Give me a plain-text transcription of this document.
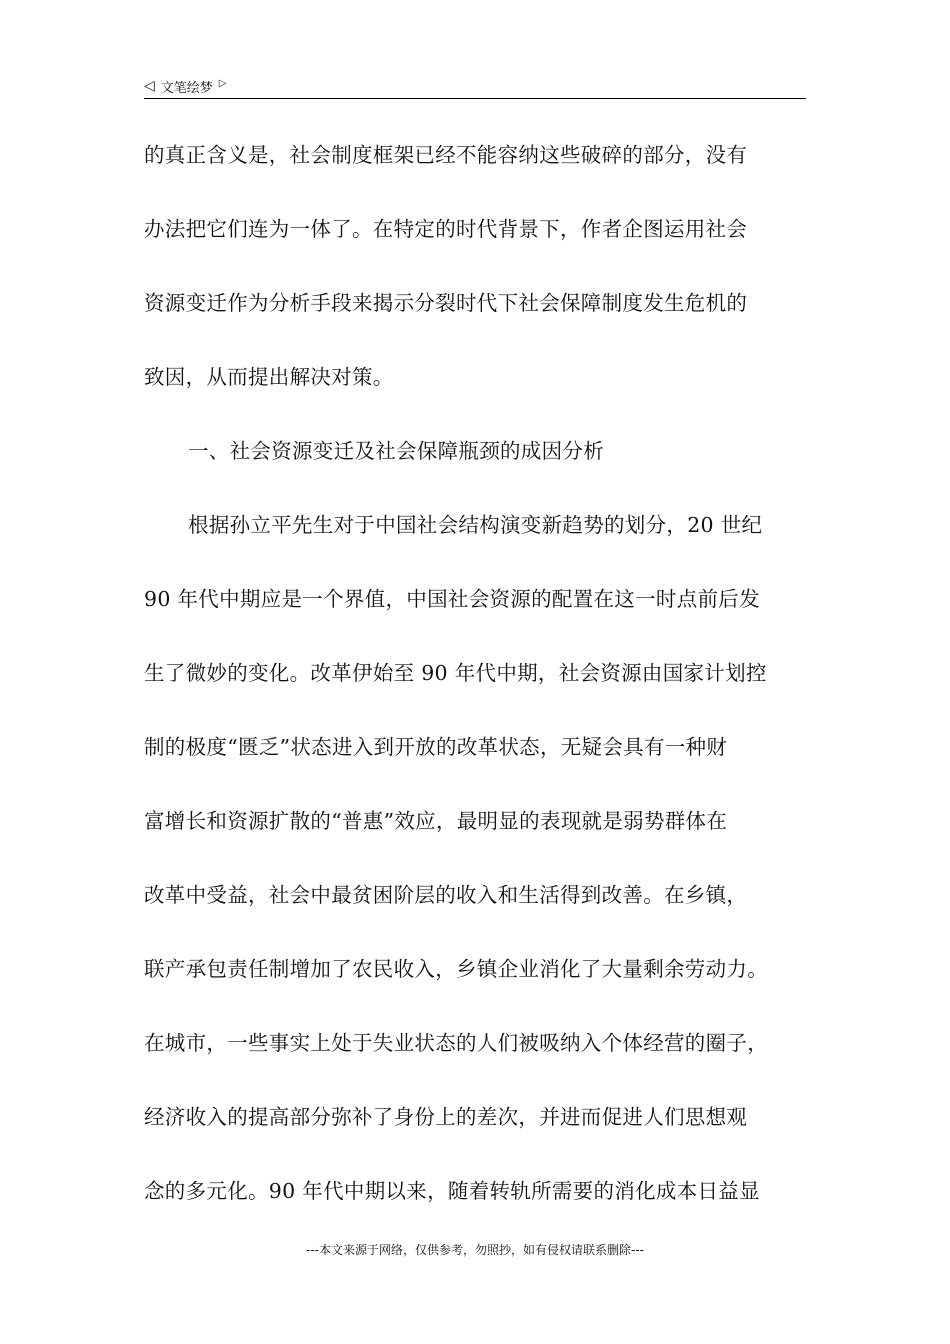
◁ 文笔绘梦 ▷
的真正含义是，社会制度框架已经不能容纳这些破碎的部分，没有
办法把它们连为一体了。在特定的时代背景下，作者企图运用社会
资源变迁作为分析手段来揭示分裂时代下社会保障制度发生危机的
致因，从而提出解决对策。
一、社会资源变迁及社会保障瓶颈的成因分析
根据孙立平先生对于中国社会结构演变新趋势的划分，20 世纪
90 年代中期应是一个界值，中国社会资源的配置在这一时点前后发
生了微妙的变化。改革伊始至 90 年代中期，社会资源由国家计划控
制的极度“匮乏”状态进入到开放的改革状态，无疑会具有一种财
富增长和资源扩散的“普惠”效应，最明显的表现就是弱势群体在
改革中受益，社会中最贫困阶层的收入和生活得到改善。在乡镇，
联产承包责任制增加了农民收入，乡镇企业消化了大量剩余劳动力。
在城市，一些事实上处于失业状态的人们被吸纳入个体经营的圈子，
经济收入的提高部分弥补了身份上的差次，并进而促进人们思想观
念的多元化。90 年代中期以来，随着转轨所需要的消化成本日益显
---本文来源于网络，仅供参考，勿照抄，如有侵权请联系删除---
